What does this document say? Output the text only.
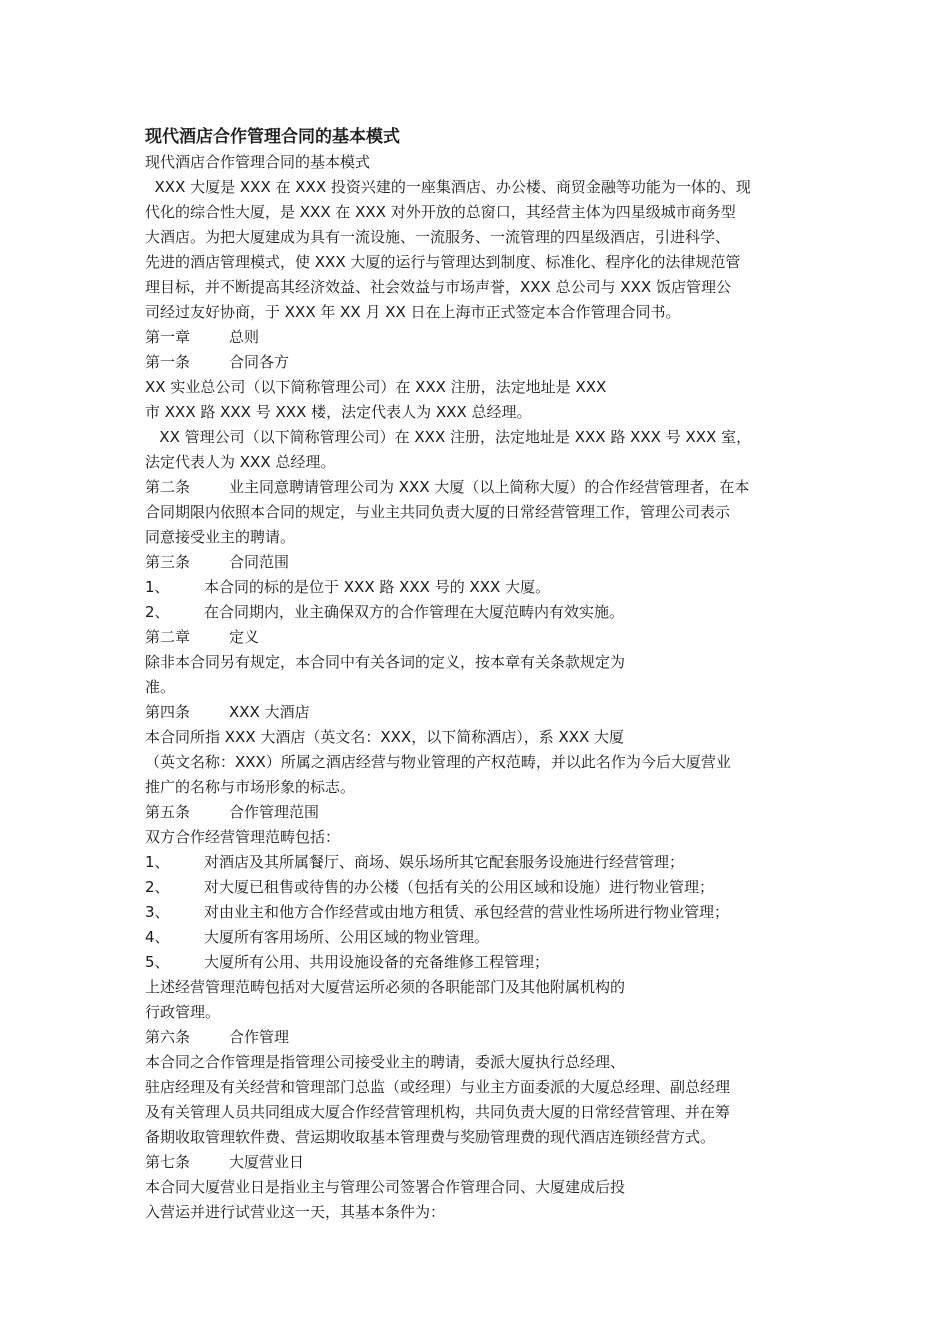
现代酒店合作管理合同的基本模式
现代酒店合作管理合同的基本模式
XXX 大厦是 XXX 在 XXX 投资兴建的一座集酒店、办公楼、商贸金融等功能为一体的、现
代化的综合性大厦，是 XXX 在 XXX 对外开放的总窗口，其经营主体为四星级城市商务型
大酒店。为把大厦建成为具有一流设施、一流服务、一流管理的四星级酒店，引进科学、
先进的酒店管理模式，使 XXX 大厦的运行与管理达到制度、标准化、程序化的法律规范管
理目标，并不断提高其经济效益、社会效益与市场声誉，XXX 总公司与 XXX 饭店管理公
司经过友好协商，于 XXX 年 XX 月 XX 日在上海市正式签定本合作管理合同书。
第一章	总则
第一条	合同各方
XX 实业总公司（以下简称管理公司）在 XXX 注册，法定地址是 XXX
市 XXX 路 XXX 号 XXX 楼，法定代表人为 XXX 总经理。
XX 管理公司（以下简称管理公司）在 XXX 注册，法定地址是 XXX 路 XXX 号 XXX 室，
法定代表人为 XXX 总经理。
第二条	业主同意聘请管理公司为 XXX 大厦（以上简称大厦）的合作经营管理者，在本
合同期限内依照本合同的规定，与业主共同负责大厦的日常经营管理工作，管理公司表示
同意接受业主的聘请。
第三条	合同范围
1、 本合同的标的是位于 XXX 路 XXX 号的 XXX 大厦。
2、 在合同期内，业主确保双方的合作管理在大厦范畴内有效实施。
第二章	定义
除非本合同另有规定，本合同中有关各词的定义，按本章有关条款规定为
准。
第四条	XXX 大酒店
本合同所指 XXX 大酒店（英文名：XXX，以下简称酒店），系 XXX 大厦
（英文名称：XXX）所属之酒店经营与物业管理的产权范畴，并以此名作为今后大厦营业
推广的名称与市场形象的标志。
第五条	合作管理范围
双方合作经营管理范畴包括：
1、 对酒店及其所属餐厅、商场、娱乐场所其它配套服务设施进行经营管理；
2、 对大厦已租售或待售的办公楼（包括有关的公用区域和设施）进行物业管理；
3、 对由业主和他方合作经营或由地方租赁、承包经营的营业性场所进行物业管理；
4、 大厦所有客用场所、公用区域的物业管理。
5、 大厦所有公用、共用设施设备的充备维修工程管理；
上述经营管理范畴包括对大厦营运所必须的各职能部门及其他附属机构的
行政管理。
第六条	合作管理
本合同之合作管理是指管理公司接受业主的聘请，委派大厦执行总经理、
驻店经理及有关经营和管理部门总监（或经理）与业主方面委派的大厦总经理、副总经理
及有关管理人员共同组成大厦合作经营管理机构，共同负责大厦的日常经营管理、并在筹
备期收取管理软件费、营运期收取基本管理费与奖励管理费的现代酒店连锁经营方式。
第七条	大厦营业日
本合同大厦营业日是指业主与管理公司签署合作管理合同、大厦建成后投
入营运并进行试营业这一天，其基本条件为：
